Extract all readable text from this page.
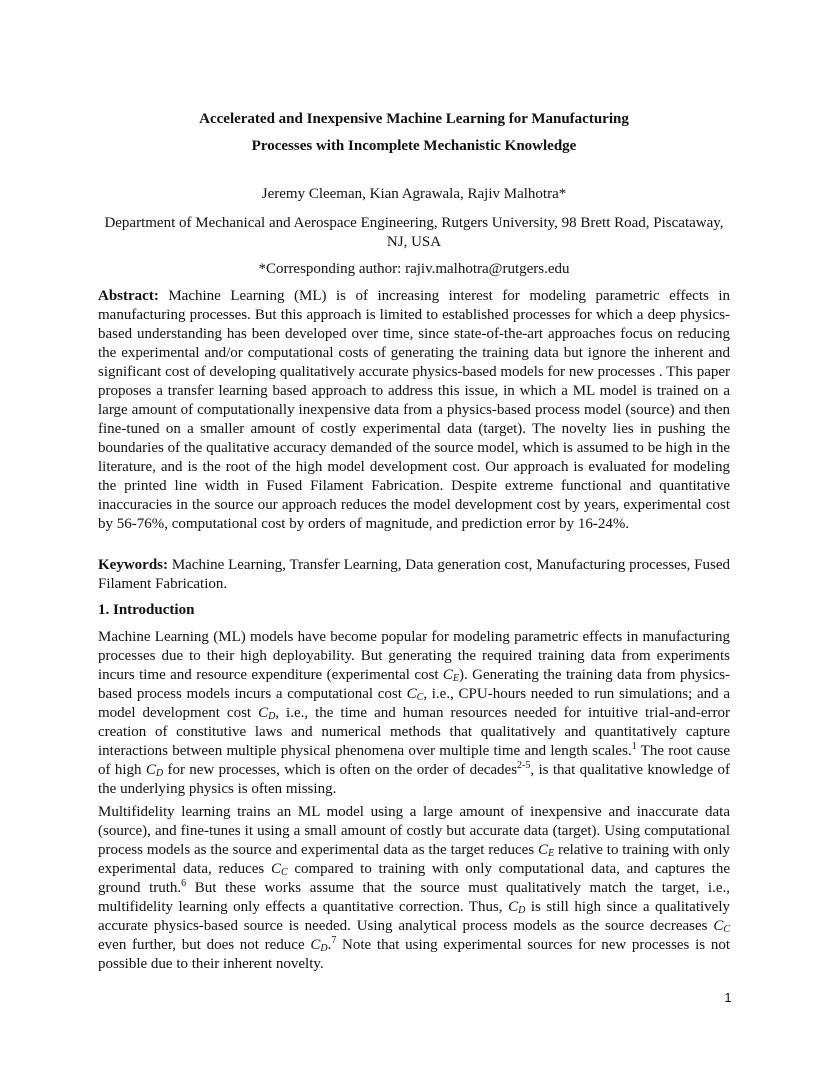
Accelerated and Inexpensive Machine Learning for Manufacturing
Processes with Incomplete Mechanistic Knowledge
Jeremy Cleeman, Kian Agrawala, Rajiv Malhotra*
Department of Mechanical and Aerospace Engineering, Rutgers University, 98 Brett Road, Piscataway, NJ, USA
*Corresponding author: rajiv.malhotra@rutgers.edu
Abstract: Machine Learning (ML) is of increasing interest for modeling parametric effects in manufacturing processes. But this approach is limited to established processes for which a deep physics-based understanding has been developed over time, since state-of-the-art approaches focus on reducing the experimental and/or computational costs of generating the training data but ignore the inherent and significant cost of developing qualitatively accurate physics-based models for new processes . This paper proposes a transfer learning based approach to address this issue, in which a ML model is trained on a large amount of computationally inexpensive data from a physics-based process model (source) and then fine-tuned on a smaller amount of costly experimental data (target). The novelty lies in pushing the boundaries of the qualitative accuracy demanded of the source model, which is assumed to be high in the literature, and is the root of the high model development cost. Our approach is evaluated for modeling the printed line width in Fused Filament Fabrication. Despite extreme functional and quantitative inaccuracies in the source our approach reduces the model development cost by years, experimental cost by 56-76%, computational cost by orders of magnitude, and prediction error by 16-24%.
Keywords: Machine Learning, Transfer Learning, Data generation cost, Manufacturing processes, Fused Filament Fabrication.
1. Introduction
Machine Learning (ML) models have become popular for modeling parametric effects in manufacturing processes due to their high deployability. But generating the required training data from experiments incurs time and resource expenditure (experimental cost $C_E$). Generating the training data from physics-based process models incurs a computational cost $C_C$, i.e., CPU-hours needed to run simulations; and a model development cost $C_D$, i.e., the time and human resources needed for intuitive trial-and-error creation of constitutive laws and numerical methods that qualitatively and quantitatively capture interactions between multiple physical phenomena over multiple time and length scales.$^1$ The root cause of high $C_D$ for new processes, which is often on the order of decades$^{2-5}$, is that qualitative knowledge of the underlying physics is often missing.
Multifidelity learning trains an ML model using a large amount of inexpensive and inaccurate data (source), and fine-tunes it using a small amount of costly but accurate data (target). Using computational process models as the source and experimental data as the target reduces $C_E$ relative to training with only experimental data, reduces $C_C$ compared to training with only computational data, and captures the ground truth.$^6$ But these works assume that the source must qualitatively match the target, i.e., multifidelity learning only effects a quantitative correction. Thus, $C_D$ is still high since a qualitatively accurate physics-based source is needed. Using analytical process models as the source decreases $C_C$ even further, but does not reduce $C_D.^7$ Note that using experimental sources for new processes is not possible due to their inherent novelty.
1
